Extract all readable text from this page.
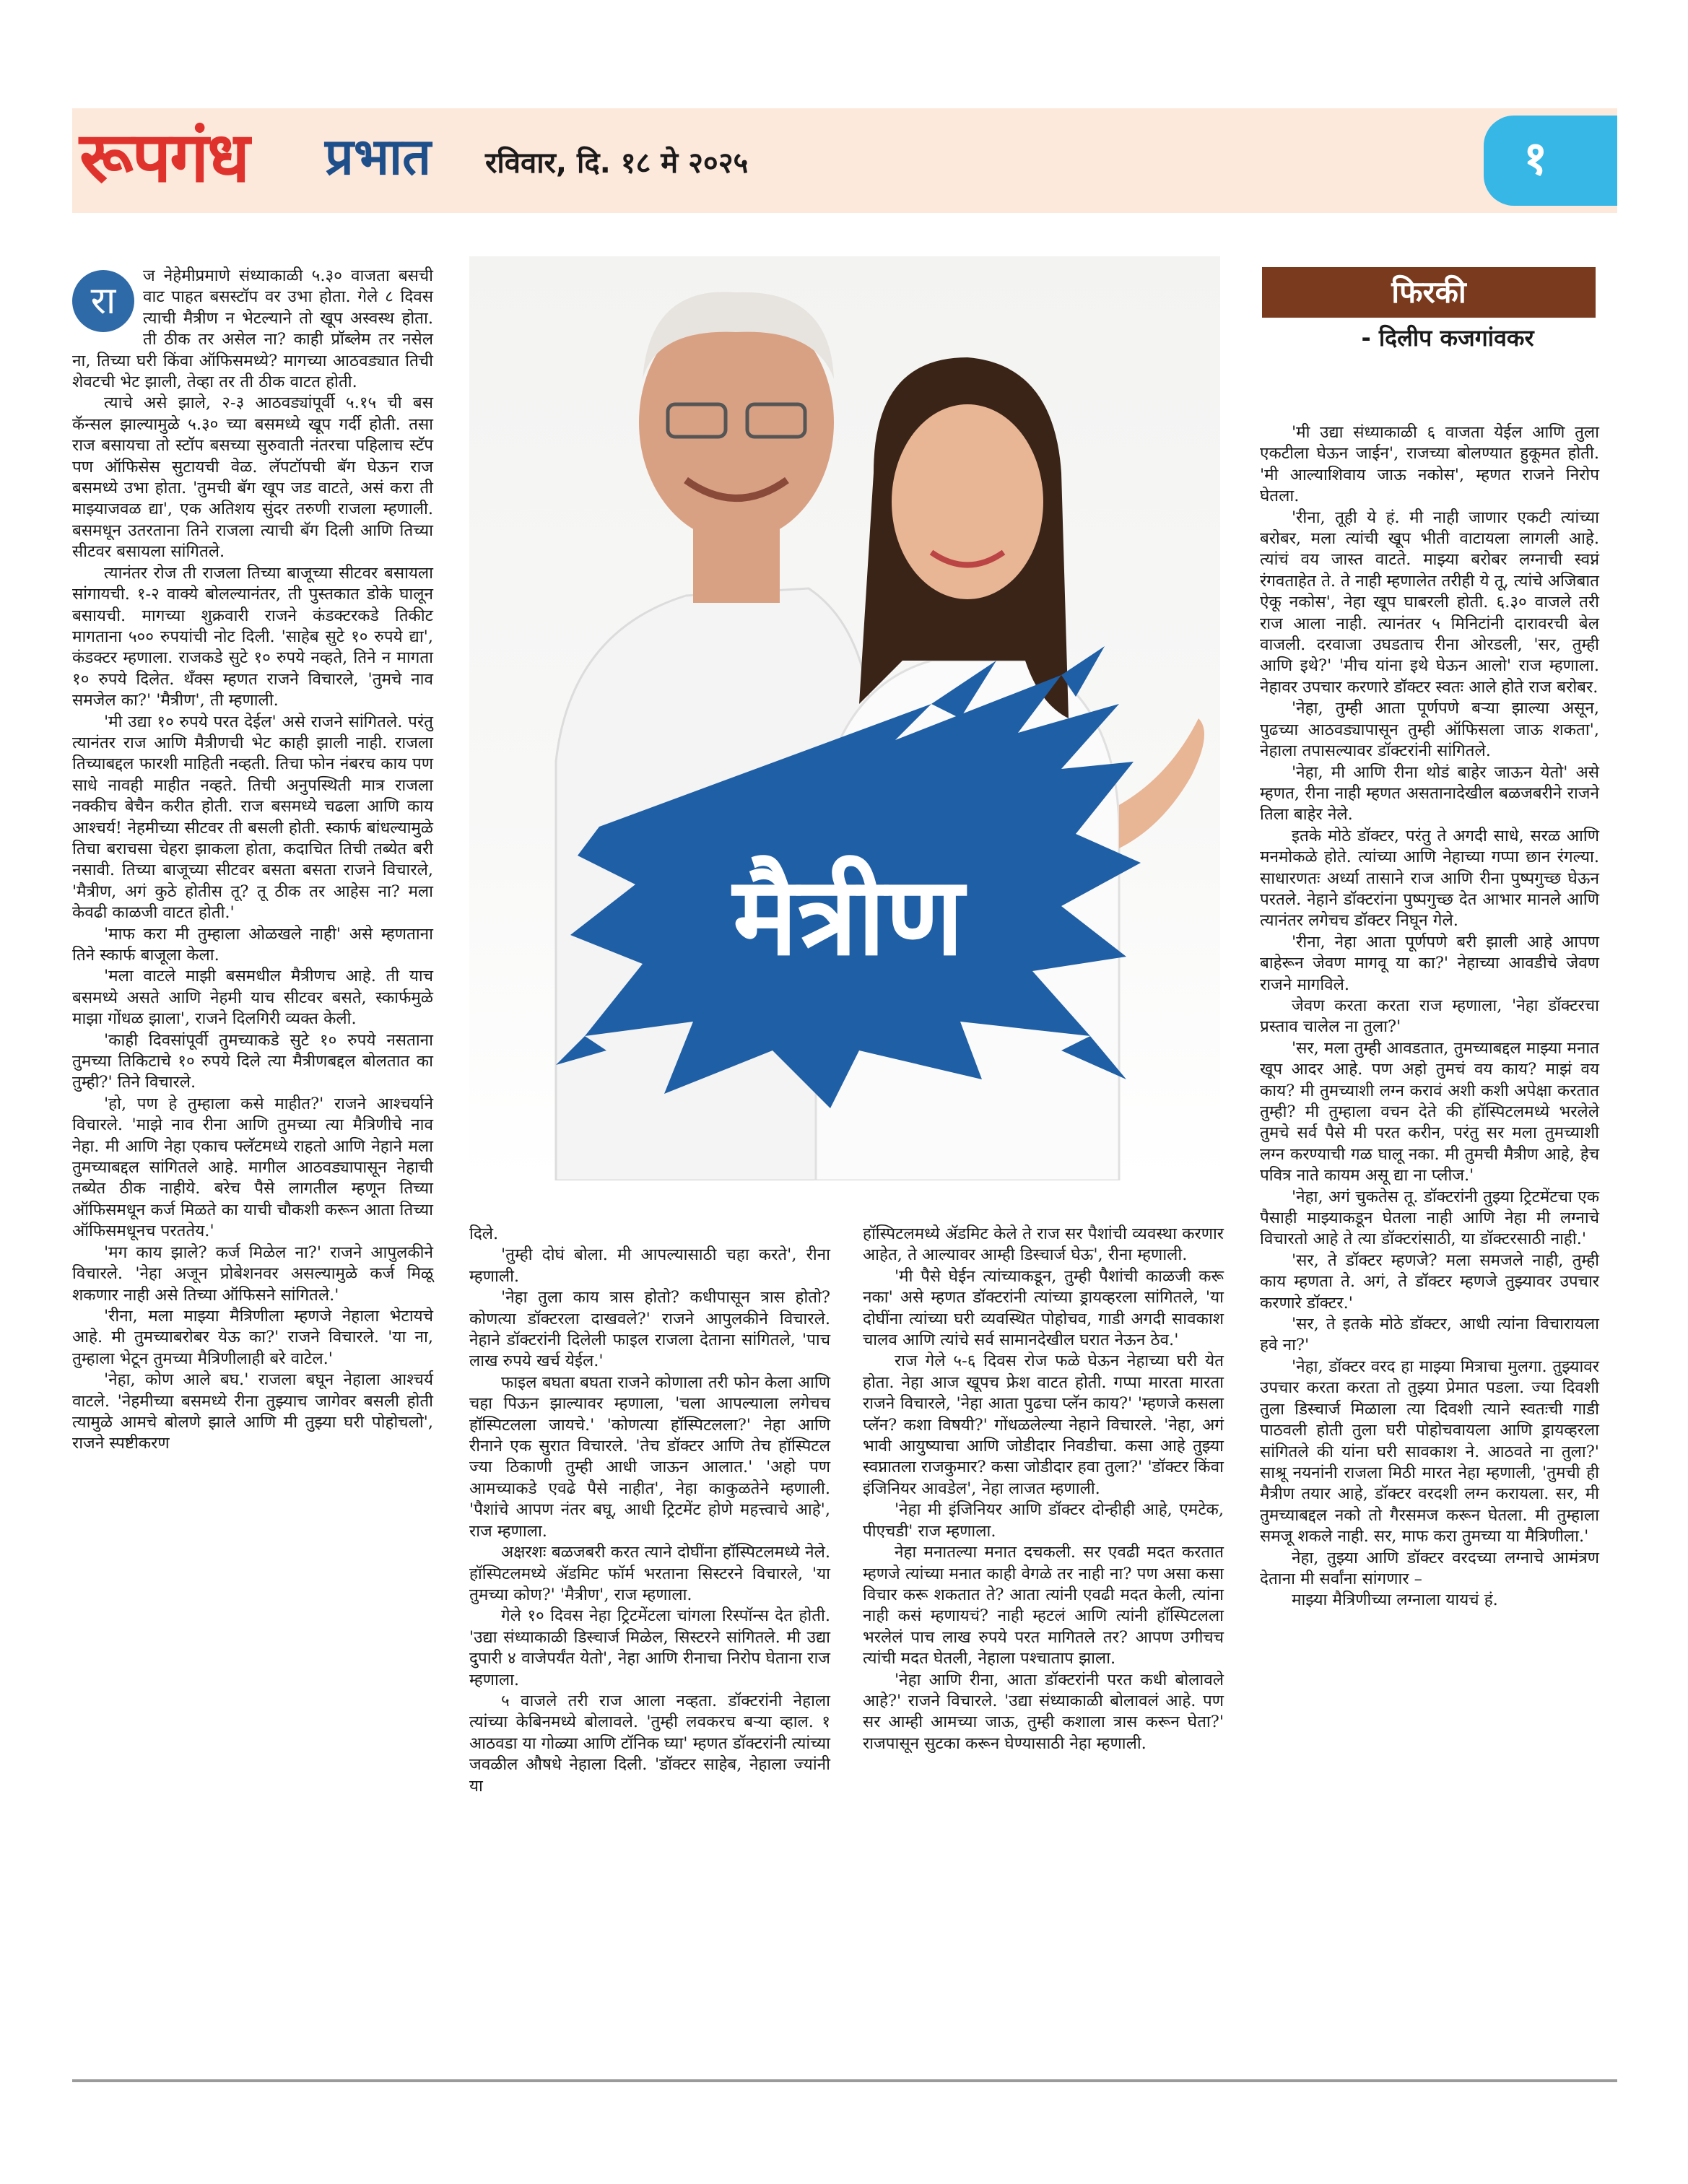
रूपगंध प्रभात रविवार, दि. १८ मे २०२५	१
रा

ज नेहेमीप्रमाणे संध्याकाळी ५.३० वाजता बसची वाट पाहत बसस्टॉप वर उभा होता. गेले ८ दिवस त्याची मैत्रीण न भेटल्याने तो खूप अस्वस्थ होता. ती ठीक तर असेल ना? काही प्रॉब्लेम तर नसेल ना, तिच्या घरी किंवा ऑफिसमध्ये? मागच्या आठवड्यात तिची शेवटची भेट झाली, तेव्हा तर ती ठीक वाटत होती.

त्याचे असे झाले, २-३ आठवड्यांपूर्वी ५.१५ ची बस कॅन्सल झाल्यामुळे ५.३० च्या बसमध्ये खूप गर्दी होती. तसा राज बसायचा तो स्टॉप बसच्या सुरुवाती नंतरचा पहिलाच स्टॅप पण ऑफिसेस सुटायची वेळ. लॅपटॉपची बॅग घेऊन राज बसमध्ये उभा होता. 'तुमची बॅग खूप जड वाटते, असं करा ती माझ्याजवळ द्या', एक अतिशय सुंदर तरुणी राजला म्हणाली. बसमधून उतरताना तिने राजला त्याची बॅग दिली आणि तिच्या सीटवर बसायला सांगितले.

त्यानंतर रोज ती राजला तिच्या बाजूच्या सीटवर बसायला सांगायची. १-२ वाक्ये बोलल्यानंतर, ती पुस्तकात डोके घालून बसायची. मागच्या शुक्रवारी राजने कंडक्टरकडे तिकीट मागताना ५०० रुपयांची नोट दिली. 'साहेब सुटे १० रुपये द्या', कंडक्टर म्हणाला. राजकडे सुटे १० रुपये नव्हते, तिने न मागता १० रुपये दिलेत. थँक्स म्हणत राजने विचारले, 'तुमचे नाव समजेल का?' 'मैत्रीण', ती म्हणाली.

'मी उद्या १० रुपये परत देईल' असे राजने सांगितले. परंतु त्यानंतर राज आणि मैत्रीणची भेट काही झाली नाही. राजला तिच्याबद्दल फारशी माहिती नव्हती. तिचा फोन नंबरच काय पण साधे नावही माहीत नव्हते. तिची अनुपस्थिती मात्र राजला नक्कीच बेचैन करीत होती. राज बसमध्ये चढला आणि काय आश्चर्य! नेहमीच्या सीटवर ती बसली होती. स्कार्फ बांधल्यामुळे तिचा बराचसा चेहरा झाकला होता, कदाचित तिची तब्येत बरी नसावी. तिच्या बाजूच्या सीटवर बसता बसता राजने विचारले, 'मैत्रीण, अगं कुठे होतीस तू? तू ठीक तर आहेस ना? मला केवढी काळजी वाटत होती.'

'माफ करा मी तुम्हाला ओळखले नाही' असे म्हणताना तिने स्कार्फ बाजूला केला.

'मला वाटले माझी बसमधील मैत्रीणच आहे. ती याच बसमध्ये असते आणि नेहमी याच सीटवर बसते, स्कार्फमुळे माझा गोंधळ झाला', राजने दिलगिरी व्यक्त केली.

'काही दिवसांपूर्वी तुमच्याकडे सुटे १० रुपये नसताना तुमच्या तिकिटाचे १० रुपये दिले त्या मैत्रीणबद्दल बोलतात का तुम्ही?' तिने विचारले.

'हो, पण हे तुम्हाला कसे माहीत?' राजने आश्चर्याने विचारले. 'माझे नाव रीना आणि तुमच्या त्या मैत्रिणीचे नाव नेहा. मी आणि नेहा एकाच फ्लॅटमध्ये राहतो आणि नेहाने मला तुमच्याबद्दल सांगितले आहे. मागील आठवड्यापासून नेहाची तब्येत ठीक नाहीये. बरेच पैसे लागतील म्हणून तिच्या ऑफिसमधून कर्ज मिळते का याची चौकशी करून आता तिच्या ऑफिसमधूनच परततेय.'

'मग काय झाले? कर्ज मिळेल ना?' राजने आपुलकीने विचारले. 'नेहा अजून प्रोबेशनवर असल्यामुळे कर्ज मिळू शकणार नाही असे तिच्या ऑफिसने सांगितले.'

'रीना, मला माझ्या मैत्रिणीला म्हणजे नेहाला भेटायचे आहे. मी तुमच्याबरोबर येऊ का?' राजने विचारले. 'या ना, तुम्हाला भेटून तुमच्या मैत्रिणीलाही बरे वाटेल.'

'नेहा, कोण आले बघ.' राजला बघून नेहाला आश्चर्य वाटले. 'नेहमीच्या बसमध्ये रीना तुझ्याच जागेवर बसली होती त्यामुळे आमचे बोलणे झाले आणि मी तुझ्या घरी पोहोचलो', राजने स्पष्टीकरण

मैत्रीण

दिले.

'तुम्ही दोघं बोला. मी आपल्यासाठी चहा करते', रीना म्हणाली.

'नेहा तुला काय त्रास होतो? कधीपासून त्रास होतो? कोणत्या डॉक्टरला दाखवले?' राजने आपुलकीने विचारले. नेहाने डॉक्टरांनी दिलेली फाइल राजला देताना सांगितले, 'पाच लाख रुपये खर्च येईल.'

फाइल बघता बघता राजने कोणाला तरी फोन केला आणि चहा पिऊन झाल्यावर म्हणाला, 'चला आपल्याला लगेचच हॉस्पिटलला जायचे.' 'कोणत्या हॉस्पिटलला?' नेहा आणि रीनाने एक सुरात विचारले. 'तेच डॉक्टर आणि तेच हॉस्पिटल ज्या ठिकाणी तुम्ही आधी जाऊन आलात.' 'अहो पण आमच्याकडे एवढे पैसे नाहीत', नेहा काकुळतेने म्हणाली. 'पैशांचे आपण नंतर बघू, आधी ट्रिटमेंट होणे महत्त्वाचे आहे', राज म्हणाला.

अक्षरशः बळजबरी करत त्याने दोघींना हॉस्पिटलमध्ये नेले. हॉस्पिटलमध्ये ॲडमिट फॉर्म भरताना सिस्टरने विचारले, 'या तुमच्या कोण?' 'मैत्रीण', राज म्हणाला.

गेले १० दिवस नेहा ट्रिटमेंटला चांगला रिस्पॉन्स देत होती. 'उद्या संध्याकाळी डिस्चार्ज मिळेल, सिस्टरने सांगितले. मी उद्या दुपारी ४ वाजेपर्यंत येतो', नेहा आणि रीनाचा निरोप घेताना राज म्हणाला.

५ वाजले तरी राज आला नव्हता. डॉक्टरांनी नेहाला त्यांच्या केबिनमध्ये बोलावले. 'तुम्ही लवकरच बऱ्या व्हाल. १ आठवडा या गोळ्या आणि टॉनिक घ्या' म्हणत डॉक्टरांनी त्यांच्या जवळील औषधे नेहाला दिली. 'डॉक्टर साहेब, नेहाला ज्यांनी या

हॉस्पिटलमध्ये ॲडमिट केले ते राज सर पैशांची व्यवस्था करणार आहेत, ते आल्यावर आम्ही डिस्चार्ज घेऊ', रीना म्हणाली.

'मी पैसे घेईन त्यांच्याकडून, तुम्ही पैशांची काळजी करू नका' असे म्हणत डॉक्टरांनी त्यांच्या ड्रायव्हरला सांगितले, 'या दोघींना त्यांच्या घरी व्यवस्थित पोहोचव, गाडी अगदी सावकाश चालव आणि त्यांचे सर्व सामानदेखील घरात नेऊन ठेव.'

राज गेले ५-६ दिवस रोज फळे घेऊन नेहाच्या घरी येत होता. नेहा आज खूपच फ्रेश वाटत होती. गप्पा मारता मारता राजने विचारले, 'नेहा आता पुढचा प्लॅन काय?' 'म्हणजे कसला प्लॅन? कशा विषयी?' गोंधळलेल्या नेहाने विचारले. 'नेहा, अगं भावी आयुष्याचा आणि जोडीदार निवडीचा. कसा आहे तुझ्या स्वप्नातला राजकुमार? कसा जोडीदार हवा तुला?' 'डॉक्टर किंवा इंजिनियर आवडेल', नेहा लाजत म्हणाली.

'नेहा मी इंजिनियर आणि डॉक्टर दोन्हीही आहे, एमटेक, पीएचडी' राज म्हणाला.

नेहा मनातल्या मनात दचकली. सर एवढी मदत करतात म्हणजे त्यांच्या मनात काही वेगळे तर नाही ना? पण असा कसा विचार करू शकतात ते? आता त्यांनी एवढी मदत केली, त्यांना नाही कसं म्हणायचं? नाही म्हटलं आणि त्यांनी हॉस्पिटलला भरलेलं पाच लाख रुपये परत मागितले तर? आपण उगीचच त्यांची मदत घेतली, नेहाला पश्चाताप झाला.

'नेहा आणि रीना, आता डॉक्टरांनी परत कधी बोलावले आहे?' राजने विचारले. 'उद्या संध्याकाळी बोलावलं आहे. पण सर आम्ही आमच्या जाऊ, तुम्ही कशाला त्रास करून घेता?' राजपासून सुटका करून घेण्यासाठी नेहा म्हणाली.

फिरकी
- दिलीप कजगांवकर

'मी उद्या संध्याकाळी ६ वाजता येईल आणि तुला एकटीला घेऊन जाईन', राजच्या बोलण्यात हुकूमत होती. 'मी आल्याशिवाय जाऊ नकोस', म्हणत राजने निरोप घेतला.

'रीना, तूही ये हं. मी नाही जाणार एकटी त्यांच्या बरोबर, मला त्यांची खूप भीती वाटायला लागली आहे. त्यांचं वय जास्त वाटते. माझ्या बरोबर लग्नाची स्वप्नं रंगवताहेत ते. ते नाही म्हणालेत तरीही ये तू, त्यांचे अजिबात ऐकू नकोस', नेहा खूप घाबरली होती. ६.३० वाजले तरी राज आला नाही. त्यानंतर ५ मिनिटांनी दारावरची बेल वाजली. दरवाजा उघडताच रीना ओरडली, 'सर, तुम्ही आणि इथे?' 'मीच यांना इथे घेऊन आलो' राज म्हणाला. नेहावर उपचार करणारे डॉक्टर स्वतः आले होते राज बरोबर.

'नेहा, तुम्ही आता पूर्णपणे बऱ्या झाल्या असून, पुढच्या आठवड्यापासून तुम्ही ऑफिसला जाऊ शकता', नेहाला तपासल्यावर डॉक्टरांनी सांगितले.

'नेहा, मी आणि रीना थोडं बाहेर जाऊन येतो' असे म्हणत, रीना नाही म्हणत असतानादेखील बळजबरीने राजने तिला बाहेर नेले.

इतके मोठे डॉक्टर, परंतु ते अगदी साधे, सरळ आणि मनमोकळे होते. त्यांच्या आणि नेहाच्या गप्पा छान रंगल्या. साधारणतः अर्ध्या तासाने राज आणि रीना पुष्पगुच्छ घेऊन परतले. नेहाने डॉक्टरांना पुष्पगुच्छ देत आभार मानले आणि त्यानंतर लगेचच डॉक्टर निघून गेले.

'रीना, नेहा आता पूर्णपणे बरी झाली आहे आपण बाहेरून जेवण मागवू या का?' नेहाच्या आवडीचे जेवण राजने मागविले.

जेवण करता करता राज म्हणाला, 'नेहा डॉक्टरचा प्रस्ताव चालेल ना तुला?'

'सर, मला तुम्ही आवडतात, तुमच्याबद्दल माझ्या मनात खूप आदर आहे. पण अहो तुमचं वय काय? माझं वय काय? मी तुमच्याशी लग्न करावं अशी कशी अपेक्षा करतात तुम्ही? मी तुम्हाला वचन देते की हॉस्पिटलमध्ये भरलेले तुमचे सर्व पैसे मी परत करीन, परंतु सर मला तुमच्याशी लग्न करण्याची गळ घालू नका. मी तुमची मैत्रीण आहे, हेच पवित्र नाते कायम असू द्या ना प्लीज.'

'नेहा, अगं चुकतेस तू. डॉक्टरांनी तुझ्या ट्रिटमेंटचा एक पैसाही माझ्याकडून घेतला नाही आणि नेहा मी लग्नाचे विचारतो आहे ते त्या डॉक्टरांसाठी, या डॉक्टरसाठी नाही.'

'सर, ते डॉक्टर म्हणजे? मला समजले नाही, तुम्ही काय म्हणता ते. अगं, ते डॉक्टर म्हणजे तुझ्यावर उपचार करणारे डॉक्टर.'

'सर, ते इतके मोठे डॉक्टर, आधी त्यांना विचारायला हवे ना?'

'नेहा, डॉक्टर वरद हा माझ्या मित्राचा मुलगा. तुझ्यावर उपचार करता करता तो तुझ्या प्रेमात पडला. ज्या दिवशी तुला डिस्चार्ज मिळाला त्या दिवशी त्याने स्वतःची गाडी पाठवली होती तुला घरी पोहोचवायला आणि ड्रायव्हरला सांगितले की यांना घरी सावकाश ने. आठवते ना तुला?' साश्रू नयनांनी राजला मिठी मारत नेहा म्हणाली, 'तुमची ही मैत्रीण तयार आहे, डॉक्टर वरदशी लग्न करायला. सर, मी तुमच्याबद्दल नको तो गैरसमज करून घेतला. मी तुम्हाला समजू शकले नाही. सर, माफ करा तुमच्या या मैत्रिणीला.'

नेहा, तुझ्या आणि डॉक्टर वरदच्या लग्नाचे आमंत्रण देताना मी सर्वांना सांगणार –

माझ्या मैत्रिणीच्या लग्नाला यायचं हं.
